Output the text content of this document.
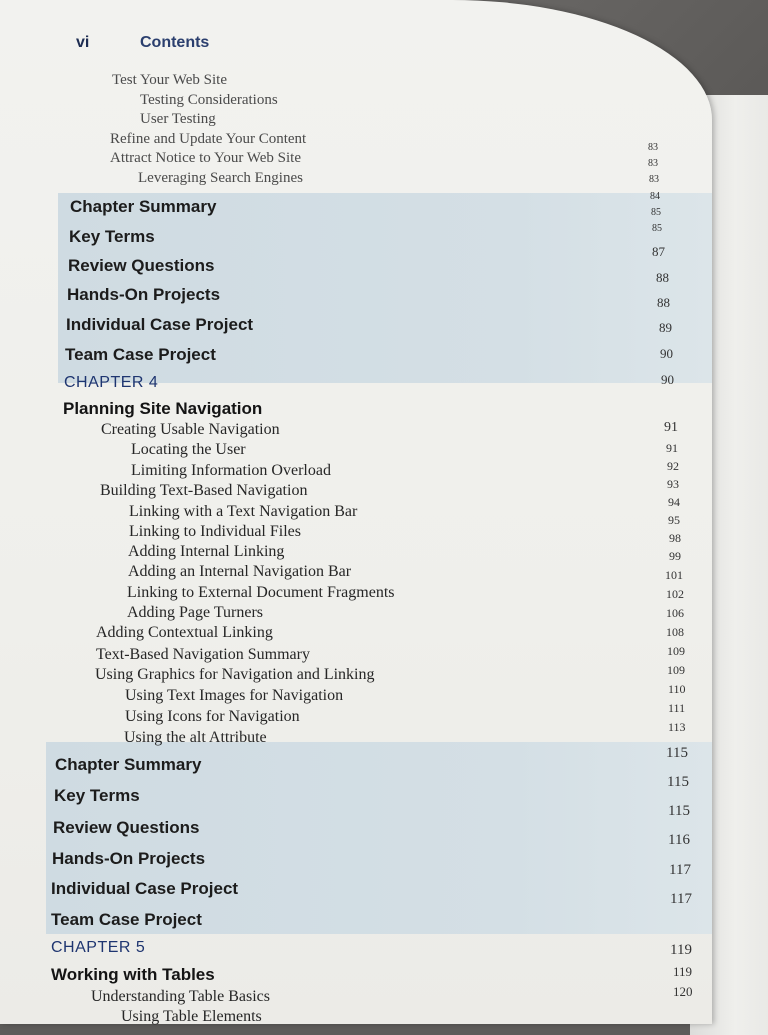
vi	Contents
Test Your Web Site
Testing Considerations
User Testing
Refine and Update Your Content
Attract Notice to Your Web Site
Leveraging Search Engines
Chapter Summary
Key Terms
Review Questions
Hands-On Projects
Individual Case Project
Team Case Project
CHAPTER 4
Planning Site Navigation
Creating Usable Navigation
Locating the User
Limiting Information Overload
Building Text-Based Navigation
Linking with a Text Navigation Bar
Linking to Individual Files
Adding Internal Linking
Adding an Internal Navigation Bar
Linking to External Document Fragments
Adding Page Turners
Adding Contextual Linking
Text-Based Navigation Summary
Using Graphics for Navigation and Linking
Using Text Images for Navigation
Using Icons for Navigation
Using the alt Attribute
Chapter Summary
Key Terms
Review Questions
Hands-On Projects
Individual Case Project
Team Case Project
CHAPTER 5
Working with Tables
Understanding Table Basics
Using Table Elements
83
83
83
84
85
85
87
88
88
89
90
90
91
91
92
93
94
95
98
99
101
102
106
108
109
109
110
111
113
115
115
115
116
117
117
119
119
120
